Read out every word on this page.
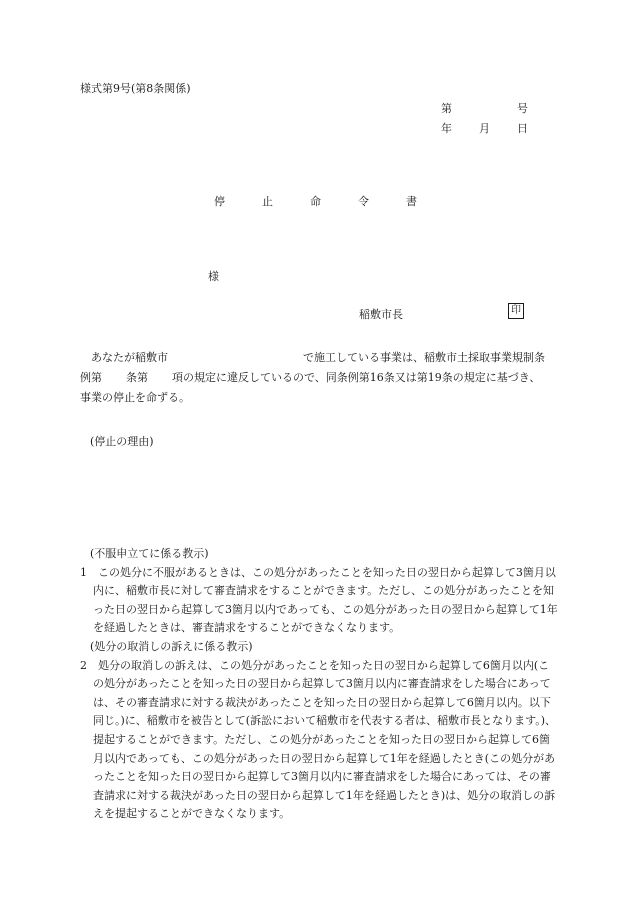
様式第9号(第8条関係)
第	号
年 月 日
停	止	命	令	書
様
稲敷市長	印

あなたが稲敷市	で施工している事業は、稲敷市土採取事業規制条

例第 条第 項の規定に違反しているので、同条例第16条又は第19条の規定に基づき、

事業の停止を命ずる。

(停止の理由)

(不服申立てに係る教示)

1　この処分に不服があるときは、この処分があったことを知った日の翌日から起算して3箇月以内に、稲敷市長に対して審査請求をすることができます。ただし、この処分があったことを知った日の翌日から起算して3箇月以内であっても、この処分があった日の翌日から起算して1年を経過したときは、審査請求をすることができなくなります。

(処分の取消しの訴えに係る教示)

2　処分の取消しの訴えは、この処分があったことを知った日の翌日から起算して6箇月以内(この処分があったことを知った日の翌日から起算して3箇月以内に審査請求をした場合にあっては、その審査請求に対する裁決があったことを知った日の翌日から起算して6箇月以内。以下同じ。)に、稲敷市を被告として(訴訟において稲敷市を代表する者は、稲敷市長となります。)、提起することができます。ただし、この処分があったことを知った日の翌日から起算して6箇月以内であっても、この処分があった日の翌日から起算して1年を経過したとき(この処分があったことを知った日の翌日から起算して3箇月以内に審査請求をした場合にあっては、その審査請求に対する裁決があった日の翌日から起算して1年を経過したとき)は、処分の取消しの訴えを提起することができなくなります。
